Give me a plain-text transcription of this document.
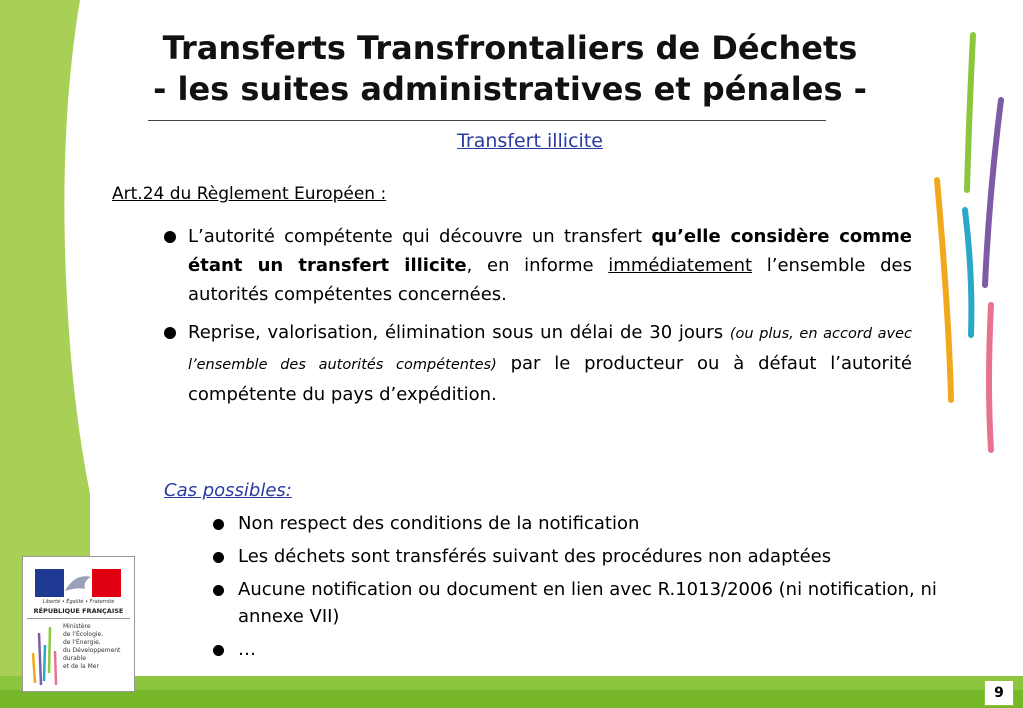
9
Transferts Transfrontaliers de Déchets
- les suites administratives et pénales -
Transfert illicite
Art.24 du Règlement Européen :
L’autorité compétente qui découvre un transfert qu’elle considère comme étant un transfert illicite, en informe immédiatement l’ensemble des autorités compétentes concernées.
Reprise, valorisation, élimination sous un délai de 30 jours (ou plus, en accord avec l’ensemble des autorités compétentes) par le producteur ou à défaut l’autorité compétente du pays d’expédition.
Cas possibles:
Non respect des conditions de la notification
Les déchets sont transférés suivant des procédures non adaptées
Aucune notification ou document en lien avec R.1013/2006 (ni notification, ni annexe VII)
…
Liberté • Égalité • Fraternité
RÉPUBLIQUE FRANÇAISE
Ministère
de l’Écologie,
de l’Énergie,
du Développement
durable
et de la Mer
